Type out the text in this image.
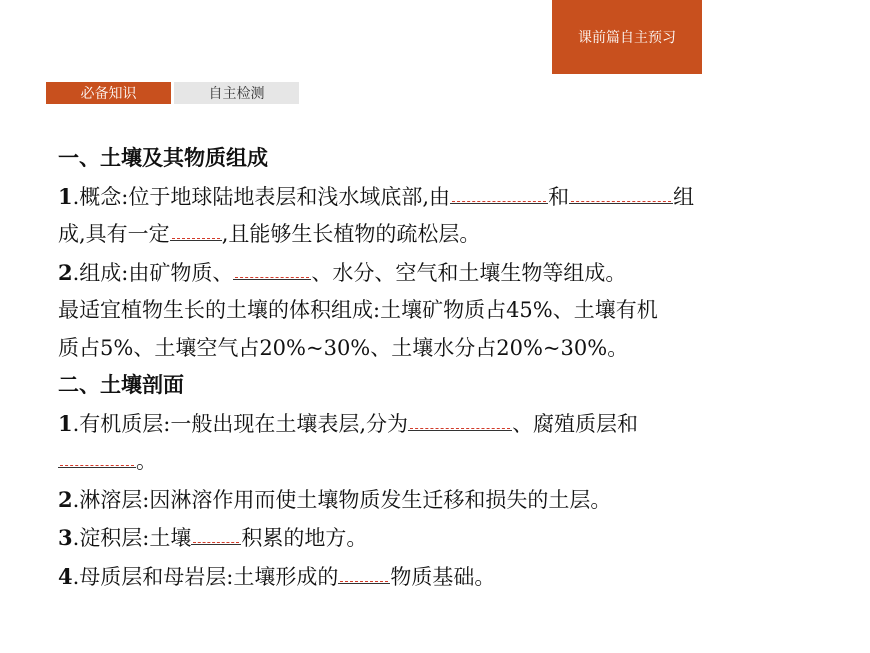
课前篇自主预习
必备知识	自主检测
一、土壤及其物质组成
1.概念:位于地球陆地表层和浅水域底部,由	和	组
成,具有一定 ,且能够生长植物的疏松层。
2.组成:由矿物质、	、水分、空气和土壤生物等组成。
最适宜植物生长的土壤的体积组成:土壤矿物质占45%、土壤有机
质占5%、土壤空气占20%~30%、土壤水分占20%~30%。
二、土壤剖面
1.有机质层:一般出现在土壤表层,分为	、腐殖质层和
。
2.淋溶层:因淋溶作用而使土壤物质发生迁移和损失的土层。
3.淀积层:土壤 积累的地方。
4.母质层和母岩层:土壤形成的 物质基础。
